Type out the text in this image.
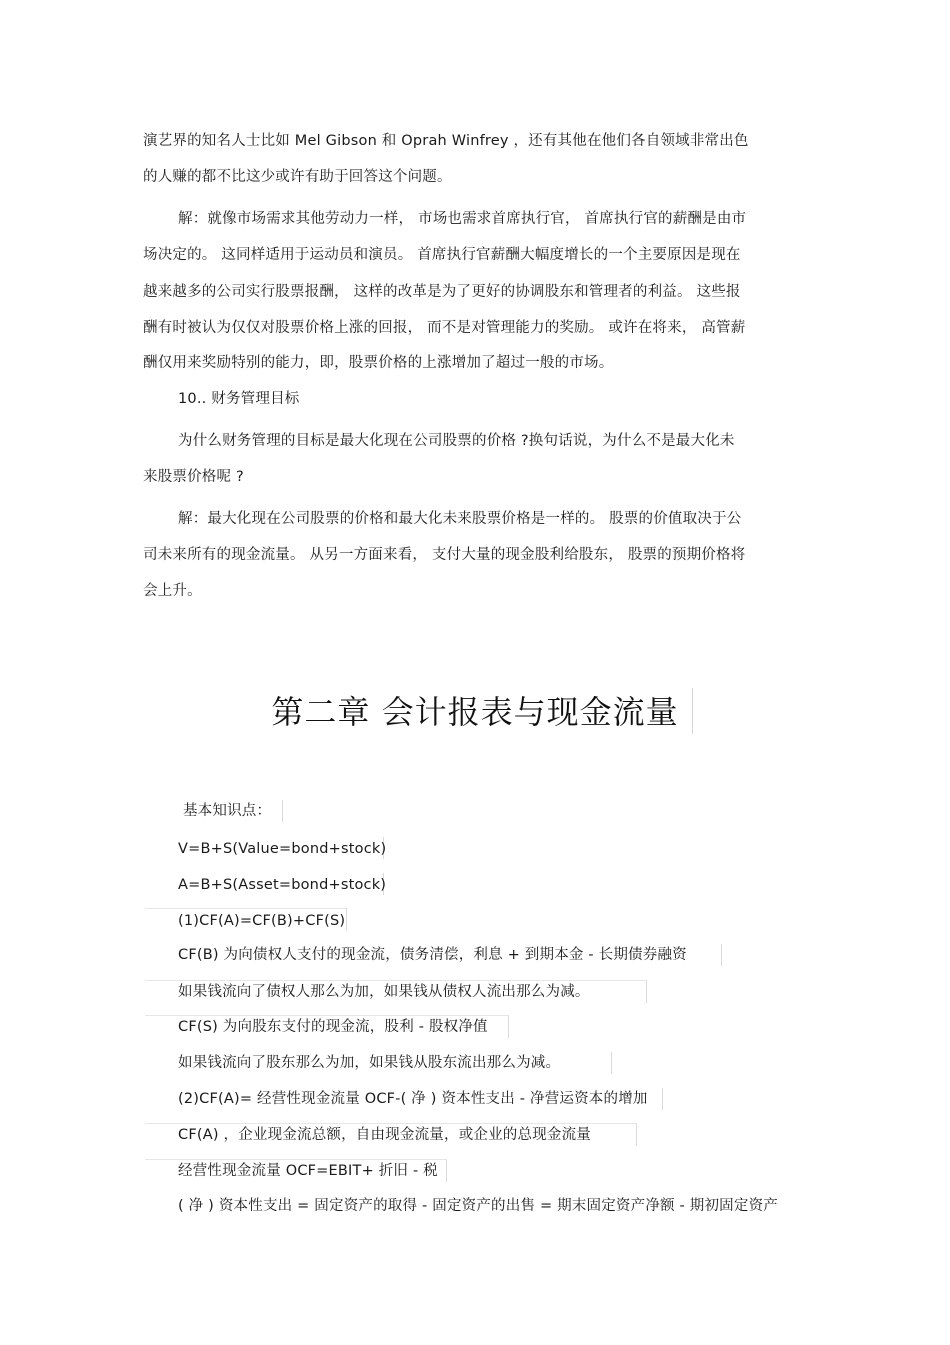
演艺界的知名人士比如 Mel Gibson 和 Oprah Winfrey ，还有其他在他们各自领域非常出色
的人赚的都不比这少或许有助于回答这个问题。
解：就像市场需求其他劳动力一样， 市场也需求首席执行官， 首席执行官的薪酬是由市
场决定的。 这同样适用于运动员和演员。 首席执行官薪酬大幅度增长的一个主要原因是现在
越来越多的公司实行股票报酬， 这样的改革是为了更好的协调股东和管理者的利益。 这些报
酬有时被认为仅仅对股票价格上涨的回报， 而不是对管理能力的奖励。 或许在将来， 高管薪
酬仅用来奖励特别的能力，即，股票价格的上涨增加了超过一般的市场。
10.. 财务管理目标
为什么财务管理的目标是最大化现在公司股票的价格 ?换句话说，为什么不是最大化未
来股票价格呢 ?
解：最大化现在公司股票的价格和最大化未来股票价格是一样的。 股票的价值取决于公
司未来所有的现金流量。 从另一方面来看， 支付大量的现金股利给股东， 股票的预期价格将
会上升。
第二章 会计报表与现金流量
基本知识点：
V=B+S(Value=bond+stock)
A=B+S(Asset=bond+stock)
(1)CF(A)=CF(B)+CF(S)
CF(B) 为向债权人支付的现金流，债务清偿，利息 + 到期本金 - 长期债券融资
如果钱流向了债权人那么为加，如果钱从债权人流出那么为减。
CF(S) 为向股东支付的现金流，股利 - 股权净值
如果钱流向了股东那么为加，如果钱从股东流出那么为减。
(2)CF(A)= 经营性现金流量 OCF-( 净 ) 资本性支出 - 净营运资本的增加
CF(A) ，企业现金流总额，自由现金流量，或企业的总现金流量
经营性现金流量 OCF=EBIT+ 折旧 - 税
( 净 ) 资本性支出 = 固定资产的取得 - 固定资产的出售 = 期末固定资产净额 - 期初固定资产
